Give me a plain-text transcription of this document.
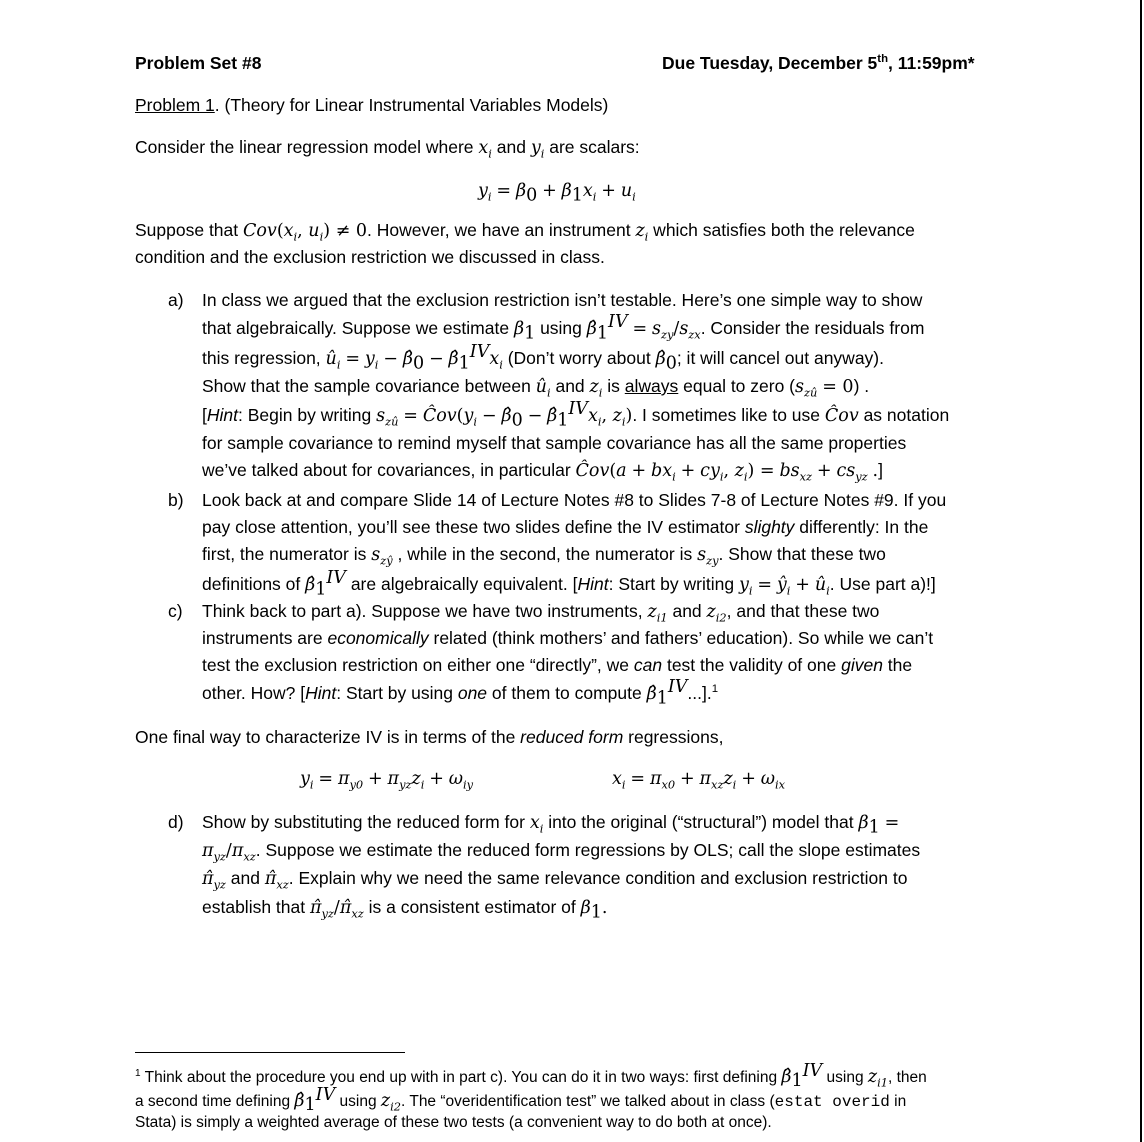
Problem Set #8	Due Tuesday, December 5th, 11:59pm*
Problem 1. (Theory for Linear Instrumental Variables Models)
Consider the linear regression model where $x_i$ and $y_i$ are scalars:
$y_i = \beta_0 + \beta_1x_i + u_i$
Suppose that $Cov(x_i$, $u_i) \ne 0$. However, we have an instrument $z_i$ which satisfies both the relevance
condition and the exclusion restriction we discussed in class.
a) In class we argued that the exclusion restriction isn’t testable. Here’s one simple way to show
that algebraically. Suppose we estimate $\beta_1$ using $\betâ_1^{IV} = s_{zy}/s_{zx}$. Consider the residuals from
this regression, $û_i = y_i$ − $\betâ_0$ − $\betâ_1^{IV}x_i$ (Don’t worry about $\betâ_0$; it will cancel out anyway).
Show that the sample covariance between $û_i$ and $z_i$ is always equal to zero $(s_{zû} = 0)$ .
[Hint: Begin by writing $s_{zû}$ = $Ĉov(y_i$ − $\betâ_0$ − $\betâ_1^{IV}x_i$, $z_i$). I sometimes like to use Ĉov as notation
for sample covariance to remind myself that sample covariance has all the same properties
we’ve talked about for covariances, in particular Ĉov(a + $bx_i + cy_i$, $z_i) = bs_{xz} + cs_{yz}$ .]
b) Look back at and compare Slide 14 of Lecture Notes #8 to Slides 7-8 of Lecture Notes #9. If you
pay close attention, you’ll see these two slides define the IV estimator slighty differently: In the
first, the numerator is $s_{zŷ}$ , while in the second, the numerator is $s_{zy}$. Show that these two
definitions of $\betâ_1^{IV}$ are algebraically equivalent. [Hint: Start by writing $y_i$ = $ŷ_i$ + $û_i$. Use part a)!]
c) Think back to part a). Suppose we have two instruments, $z_{i1}$ and $z_{i2}$, and that these two
instruments are economically related (think mothers’ and fathers’ education). So while we can’t
test the exclusion restriction on either one “directly”, we can test the validity of one given the
other. How? [Hint: Start by using one of them to compute $\betâ_1^{IV}...].^1$
One final way to characterize IV is in terms of the reduced form regressions,
$y_i = \pi_{y0} + \pi_{yz}z_i + \omega_{iy}$	$x_i = \pi_{x0} + \pi_{xz}z_i + \omega_{ix}$
d) Show by substituting the reduced form for $x_i$ into the original (“structural”) model that $\beta_1$ =
$\pi_{yz}/\pi_{xz}$. Suppose we estimate the reduced form regressions by OLS; call the slope estimates
$\pî_{yz}$ and $\pî_{xz}$. Explain why we need the same relevance condition and exclusion restriction to
establish that $\pî_{yz}/\pî_{xz}$ is a consistent estimator of $\beta_1$.
$^1$ Think about the procedure you end up with in part c). You can do it in two ways: first defining $\betâ_1^{IV}$ using $z_{i1}$, then
a second time defining $\betâ_1^{IV}$ using $z_{i2}$. The “overidentification test” we talked about in class (estat overid in
Stata) is simply a weighted average of these two tests (a convenient way to do both at once).
